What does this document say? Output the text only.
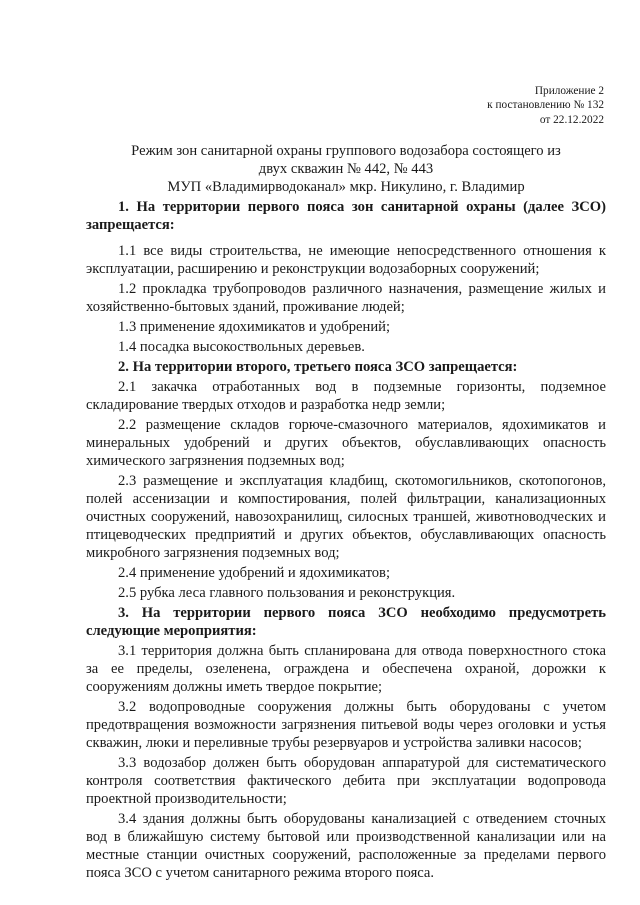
Приложение 2
к постановлению № 132
от 22.12.2022
Режим зон санитарной охраны группового водозабора состоящего из
двух скважин № 442, № 443
МУП «Владимирводоканал» мкр. Никулино, г. Владимир

1. На территории первого пояса зон санитарной охраны (далее ЗСО) запрещается:

1.1 все виды строительства, не имеющие непосредственного отношения к эксплуатации, расширению и реконструкции водозаборных сооружений;

1.2 прокладка трубопроводов различного назначения, размещение жилых и хозяйственно-бытовых зданий, проживание людей;

1.3 применение ядохимикатов и удобрений;

1.4 посадка высокоствольных деревьев.

2. На территории второго, третьего пояса ЗСО запрещается:

2.1 закачка отработанных вод в подземные горизонты, подземное складирование твердых отходов и разработка недр земли;

2.2 размещение складов горюче-смазочного материалов, ядохимикатов и минеральных удобрений и других объектов, обуславливающих опасность химического загрязнения подземных вод;

2.3 размещение и эксплуатация кладбищ, скотомогильников, скотопогонов, полей ассенизации и компостирования, полей фильтрации, канализационных очистных сооружений, навозохранилищ, силосных траншей, животноводческих и птицеводческих предприятий и других объектов, обуславливающих опасность микробного загрязнения подземных вод;

2.4 применение удобрений и ядохимикатов;

2.5 рубка леса главного пользования и реконструкция.

3. На территории первого пояса ЗСО необходимо предусмотреть следующие мероприятия:

3.1 территория должна быть спланирована для отвода поверхностного стока за ее пределы, озеленена, ограждена и обеспечена охраной, дорожки к сооружениям должны иметь твердое покрытие;

3.2 водопроводные сооружения должны быть оборудованы с учетом предотвращения возможности загрязнения питьевой воды через оголовки и устья скважин, люки и переливные трубы резервуаров и устройства заливки насосов;

3.3 водозабор должен быть оборудован аппаратурой для систематического контроля соответствия фактического дебита при эксплуатации водопровода проектной производительности;

3.4 здания должны быть оборудованы канализацией с отведением сточных вод в ближайшую систему бытовой или производственной канализации или на местные станции очистных сооружений, расположенные за пределами первого пояса ЗСО с учетом санитарного режима второго пояса.
